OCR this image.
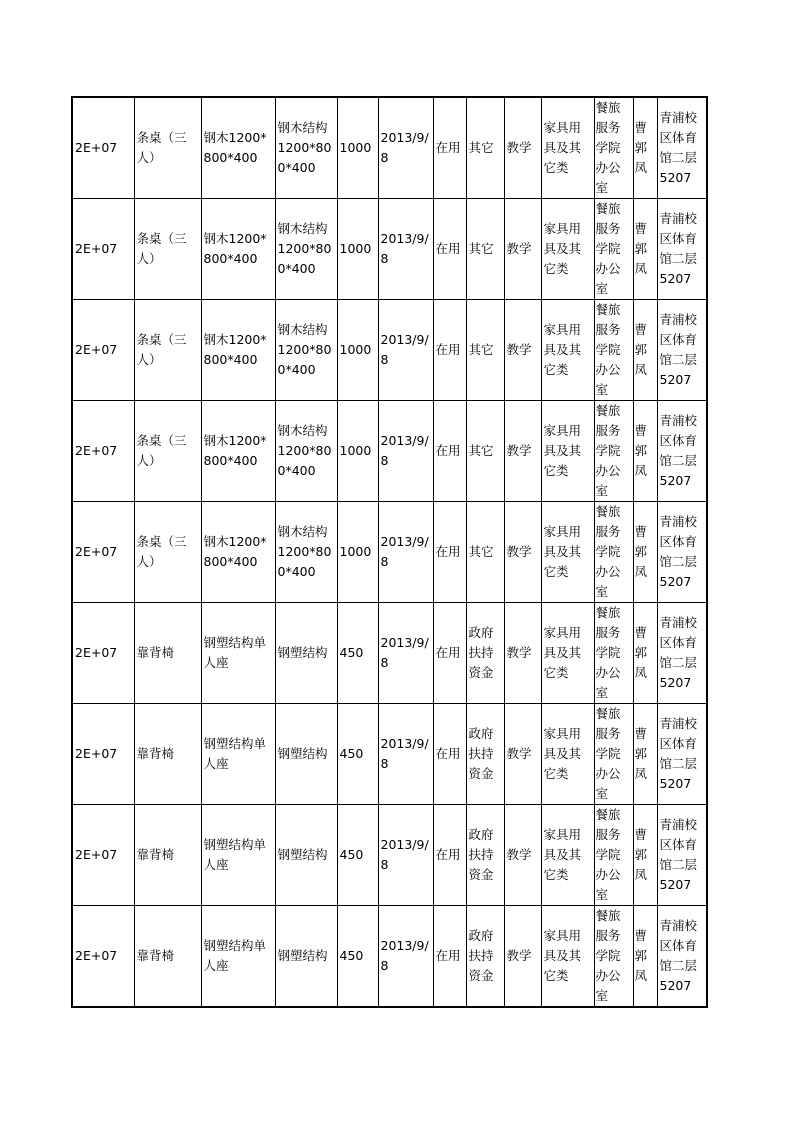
2E+07	条桌（三人）	钢木1200*800*400	钢木结构1200*800*400	1000	2013/9/8	在用	其它	教学	家具用具及其它类	餐旅服务学院办公室	曹郭凤	青浦校区体育馆二层5207
2E+07	条桌（三人）	钢木1200*800*400	钢木结构1200*800*400	1000	2013/9/8	在用	其它	教学	家具用具及其它类	餐旅服务学院办公室	曹郭凤	青浦校区体育馆二层5207
2E+07	条桌（三人）	钢木1200*800*400	钢木结构1200*800*400	1000	2013/9/8	在用	其它	教学	家具用具及其它类	餐旅服务学院办公室	曹郭凤	青浦校区体育馆二层5207
2E+07	条桌（三人）	钢木1200*800*400	钢木结构1200*800*400	1000	2013/9/8	在用	其它	教学	家具用具及其它类	餐旅服务学院办公室	曹郭凤	青浦校区体育馆二层5207
2E+07	条桌（三人）	钢木1200*800*400	钢木结构1200*800*400	1000	2013/9/8	在用	其它	教学	家具用具及其它类	餐旅服务学院办公室	曹郭凤	青浦校区体育馆二层5207
2E+07	靠背椅	钢塑结构单人座	钢塑结构	450	2013/9/8	在用	政府扶持资金	教学	家具用具及其它类	餐旅服务学院办公室	曹郭凤	青浦校区体育馆二层5207
2E+07	靠背椅	钢塑结构单人座	钢塑结构	450	2013/9/8	在用	政府扶持资金	教学	家具用具及其它类	餐旅服务学院办公室	曹郭凤	青浦校区体育馆二层5207
2E+07	靠背椅	钢塑结构单人座	钢塑结构	450	2013/9/8	在用	政府扶持资金	教学	家具用具及其它类	餐旅服务学院办公室	曹郭凤	青浦校区体育馆二层5207
2E+07	靠背椅	钢塑结构单人座	钢塑结构	450	2013/9/8	在用	政府扶持资金	教学	家具用具及其它类	餐旅服务学院办公室	曹郭凤	青浦校区体育馆二层5207
